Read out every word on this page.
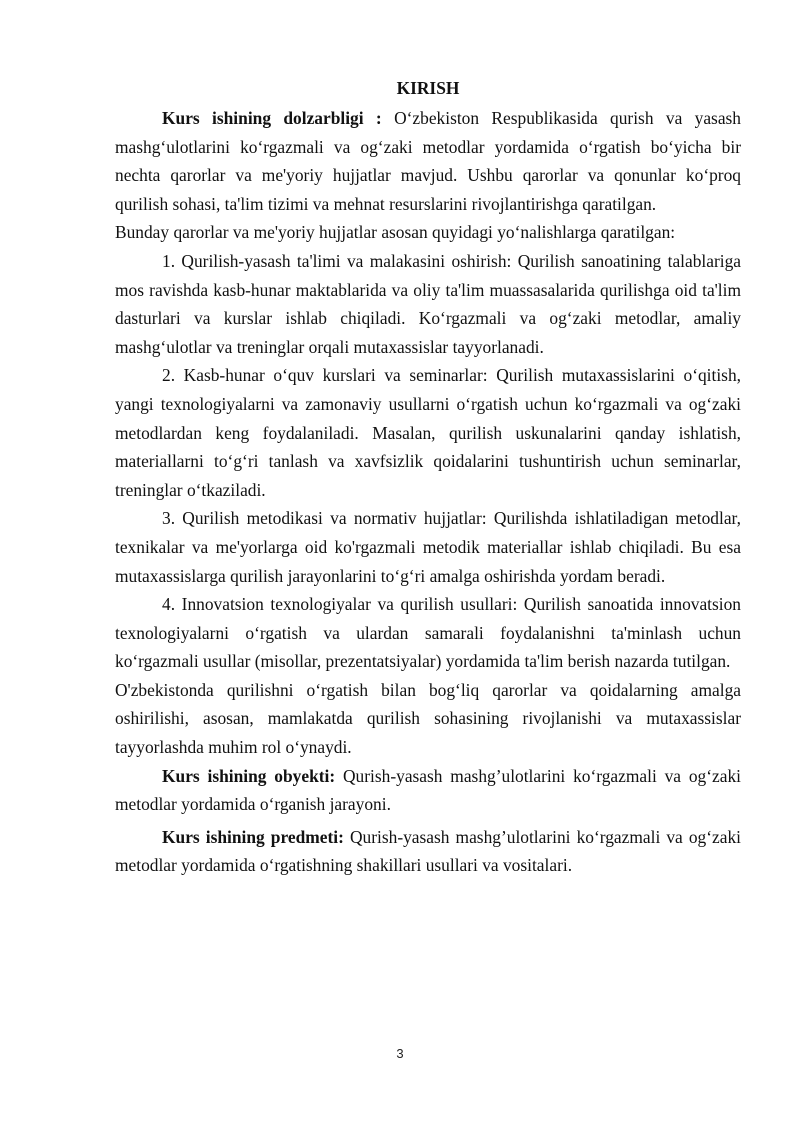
KIRISH

Kurs ishining dolzarbligi : O‘zbekiston Respublikasida qurish va yasash mashg‘ulotlarini ko‘rgazmali va og‘zaki metodlar yordamida o‘rgatish bo‘yicha bir nechta qarorlar va me'yoriy hujjatlar mavjud. Ushbu qarorlar va qonunlar ko‘proq qurilish sohasi, ta'lim tizimi va mehnat resurslarini rivojlantirishga qaratilgan.

Bunday qarorlar va me'yoriy hujjatlar asosan quyidagi yo‘nalishlarga qaratilgan:

1. Qurilish-yasash ta'limi va malakasini oshirish: Qurilish sanoatining talablariga mos ravishda kasb-hunar maktablarida va oliy ta'lim muassasalarida qurilishga oid ta'lim dasturlari va kurslar ishlab chiqiladi. Ko‘rgazmali va og‘zaki metodlar, amaliy mashg‘ulotlar va treninglar orqali mutaxassislar tayyorlanadi.

2. Kasb-hunar o‘quv kurslari va seminarlar: Qurilish mutaxassislarini o‘qitish, yangi texnologiyalarni va zamonaviy usullarni o‘rgatish uchun ko‘rgazmali va og‘zaki metodlardan keng foydalaniladi. Masalan, qurilish uskunalarini qanday ishlatish, materiallarni to‘g‘ri tanlash va xavfsizlik qoidalarini tushuntirish uchun seminarlar, treninglar o‘tkaziladi.

3. Qurilish metodikasi va normativ hujjatlar: Qurilishda ishlatiladigan metodlar, texnikalar va me'yorlarga oid ko'rgazmali metodik materiallar ishlab chiqiladi. Bu esa mutaxassislarga qurilish jarayonlarini to‘g‘ri amalga oshirishda yordam beradi.

4. Innovatsion texnologiyalar va qurilish usullari: Qurilish sanoatida innovatsion texnologiyalarni o‘rgatish va ulardan samarali foydalanishni ta'minlash uchun ko‘rgazmali usullar (misollar, prezentatsiyalar) yordamida ta'lim berish nazarda tutilgan.

O'zbekistonda qurilishni o‘rgatish bilan bog‘liq qarorlar va qoidalarning amalga oshirilishi, asosan, mamlakatda qurilish sohasining rivojlanishi va mutaxassislar tayyorlashda muhim rol o‘ynaydi.

Kurs ishining obyekti: Qurish-yasash mashg’ulotlarini ko‘rgazmali va og‘zaki metodlar yordamida o‘rganish jarayoni.

Kurs ishining predmeti: Qurish-yasash mashg’ulotlarini ko‘rgazmali va og‘zaki metodlar yordamida o‘rgatishning shakillari usullari va vositalari.

3
